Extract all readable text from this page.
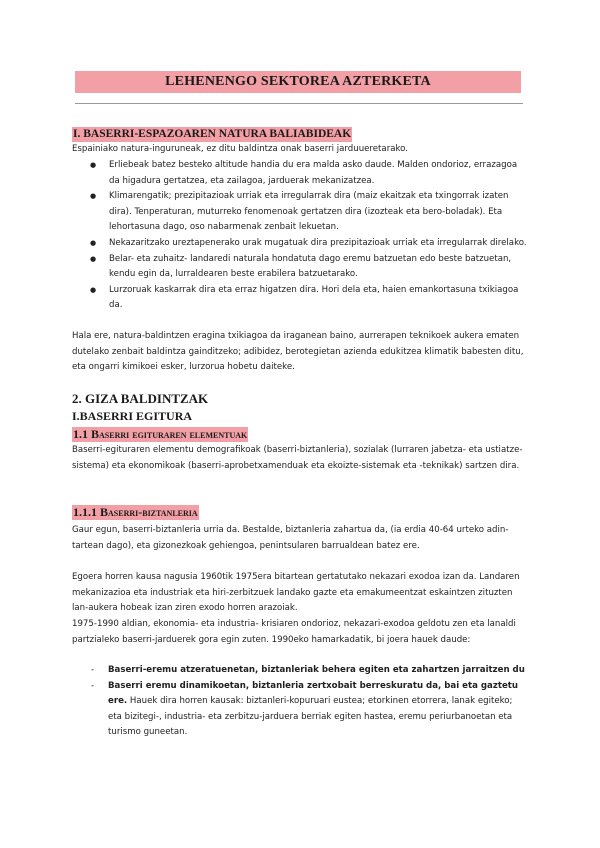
LEHENENGO SEKTOREA AZTERKETA
I. BASERRI-ESPAZOAREN NATURA BALIABIDEAK
Espainiako natura-inguruneak, ez ditu baldintza onak baserri jarduueretarako.
● Erliebeak batez besteko altitude handia du era malda asko daude. Malden ondorioz, errazagoa da higadura gertatzea, eta zailagoa, jarduerak mekanizatzea.
● Klimarengatik; prezipitazioak urriak eta irregularrak dira (maiz ekaitzak eta txingorrak izaten dira). Tenperaturan, muturreko fenomenoak gertatzen dira (izozteak eta bero-boladak). Eta lehortasuna dago, oso nabarmenak zenbait lekuetan.
● Nekazaritzako ureztapenerako urak mugatuak dira prezipitazioak urriak eta irregularrak direlako.
● Belar- eta zuhaitz- landaredi naturala hondatuta dago eremu batzuetan edo beste batzuetan, kendu egin da, lurraldearen beste erabilera batzuetarako.
● Lurzoruak kaskarrak dira eta erraz higatzen dira. Hori dela eta, haien emankortasuna txikiagoa da.
Hala ere, natura-baldintzen eragina txikiagoa da iraganean baino, aurrerapen teknikoek aukera ematen dutelako zenbait baldintza gainditzeko; adibidez, berotegietan azienda edukitzea klimatik babesten ditu, eta ongarri kimikoei esker, lurzorua hobetu daiteke.
2. GIZA BALDINTZAK
I.BASERRI EGITURA
1.1 Baserri egituraren elementuak
Baserri-egituraren elementu demografikoak (baserri-biztanleria), sozialak (lurraren jabetza- eta ustiatze-sistema) eta ekonomikoak (baserri-aprobetxamenduak eta ekoizte-sistemak eta -teknikak) sartzen dira.
1.1.1 Baserri-biztanleria
Gaur egun, baserri-biztanleria urria da. Bestalde, biztanleria zahartua da, (ia erdia 40-64 urteko adin-tartean dago), eta gizonezkoak gehiengoa, penintsularen barrualdean batez ere.
Egoera horren kausa nagusia 1960tik 1975era bitartean gertatutako nekazari exodoa izan da. Landaren mekanizazioa eta industriak eta hiri-zerbitzuek landako gazte eta emakumeentzat eskaintzen zituzten lan-aukera hobeak izan ziren exodo horren arazoiak.
1975-1990 aldian, ekonomia- eta industria- krisiaren ondorioz, nekazari-exodoa geldotu zen eta lanaldi partzialeko baserri-jarduerek gora egin zuten. 1990eko hamarkadatik, bi joera hauek daude:
- Baserri-eremu atzeratuenetan, biztanleriak behera egiten eta zahartzen jarraitzen du
- Baserri eremu dinamikoetan, biztanleria zertxobait berreskuratu da, bai eta gaztetu ere. Hauek dira horren kausak: biztanleri-kopuruari eustea; etorkinen etorrera, lanak egiteko; eta bizitegi-, industria- eta zerbitzu-jarduera berriak egiten hastea, eremu periurbanoetan eta turismo guneetan.
